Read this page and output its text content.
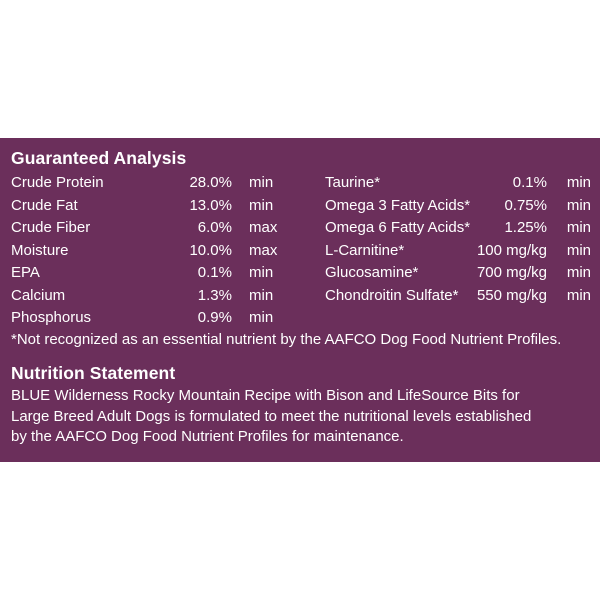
Guaranteed Analysis
Crude Protein	28.0% min
Crude Fat	13.0% min
Crude Fiber	6.0% max
Moisture	10.0% max
EPA	0.1% min
Calcium	1.3% min
Phosphorus	0.9% min
Taurine*	0.1% min
Omega 3 Fatty Acids* 0.75% min
Omega 6 Fatty Acids* 1.25% min
L-Carnitine*	100 mg/kg min
Glucosamine*	700 mg/kg min
Chondroitin Sulfate* 550 mg/kg min
*Not recognized as an essential nutrient by the AAFCO Dog Food Nutrient Profiles.
Nutrition Statement
BLUE Wilderness Rocky Mountain Recipe with Bison and LifeSource Bits for
Large Breed Adult Dogs is formulated to meet the nutritional levels established
by the AAFCO Dog Food Nutrient Profiles for maintenance.
